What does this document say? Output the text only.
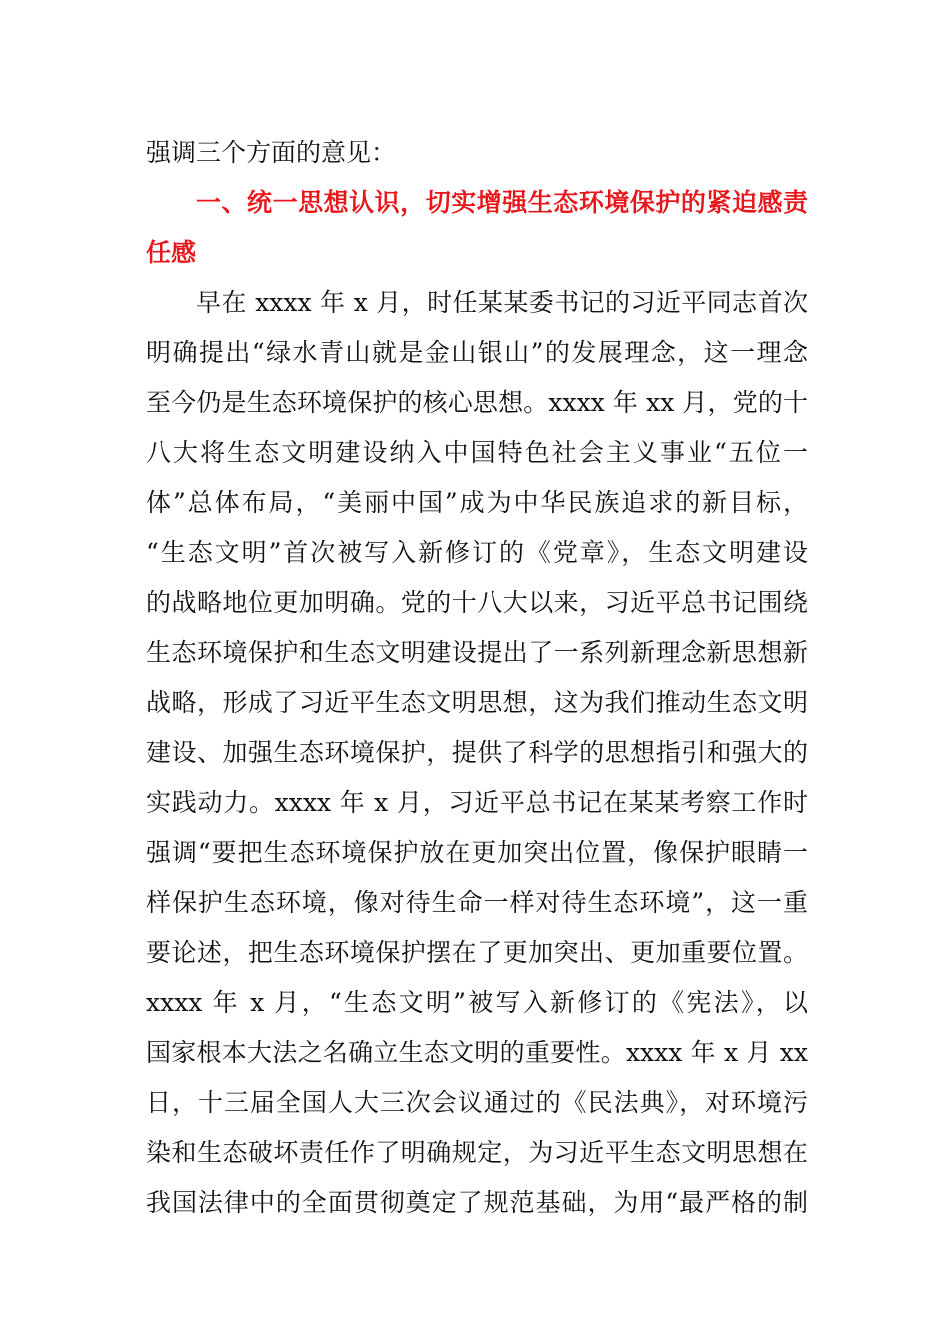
强调三个方面的意见：
一、统一思想认识，切实增强生态环境保护的紧迫感责
任感
早在 xxxx 年 x 月，时任某某委书记的习近平同志首次
明确提出“绿水青山就是金山银山”的发展理念，这一理念
至今仍是生态环境保护的核心思想。xxxx 年 xx 月，党的十
八大将生态文明建设纳入中国特色社会主义事业“五位一
体”总体布局，“美丽中国”成为中华民族追求的新目标，
“生态文明”首次被写入新修订的《党章》，生态文明建设
的战略地位更加明确。党的十八大以来，习近平总书记围绕
生态环境保护和生态文明建设提出了一系列新理念新思想新
战略，形成了习近平生态文明思想，这为我们推动生态文明
建设、加强生态环境保护，提供了科学的思想指引和强大的
实践动力。xxxx 年 x 月，习近平总书记在某某考察工作时
强调“要把生态环境保护放在更加突出位置，像保护眼睛一
样保护生态环境，像对待生命一样对待生态环境”，这一重
要论述，把生态环境保护摆在了更加突出、更加重要位置。
xxxx 年 x 月，“生态文明”被写入新修订的《宪法》，以
国家根本大法之名确立生态文明的重要性。xxxx 年 x 月 xx
日，十三届全国人大三次会议通过的《民法典》，对环境污
染和生态破坏责任作了明确规定，为习近平生态文明思想在
我国法律中的全面贯彻奠定了规范基础，为用“最严格的制
